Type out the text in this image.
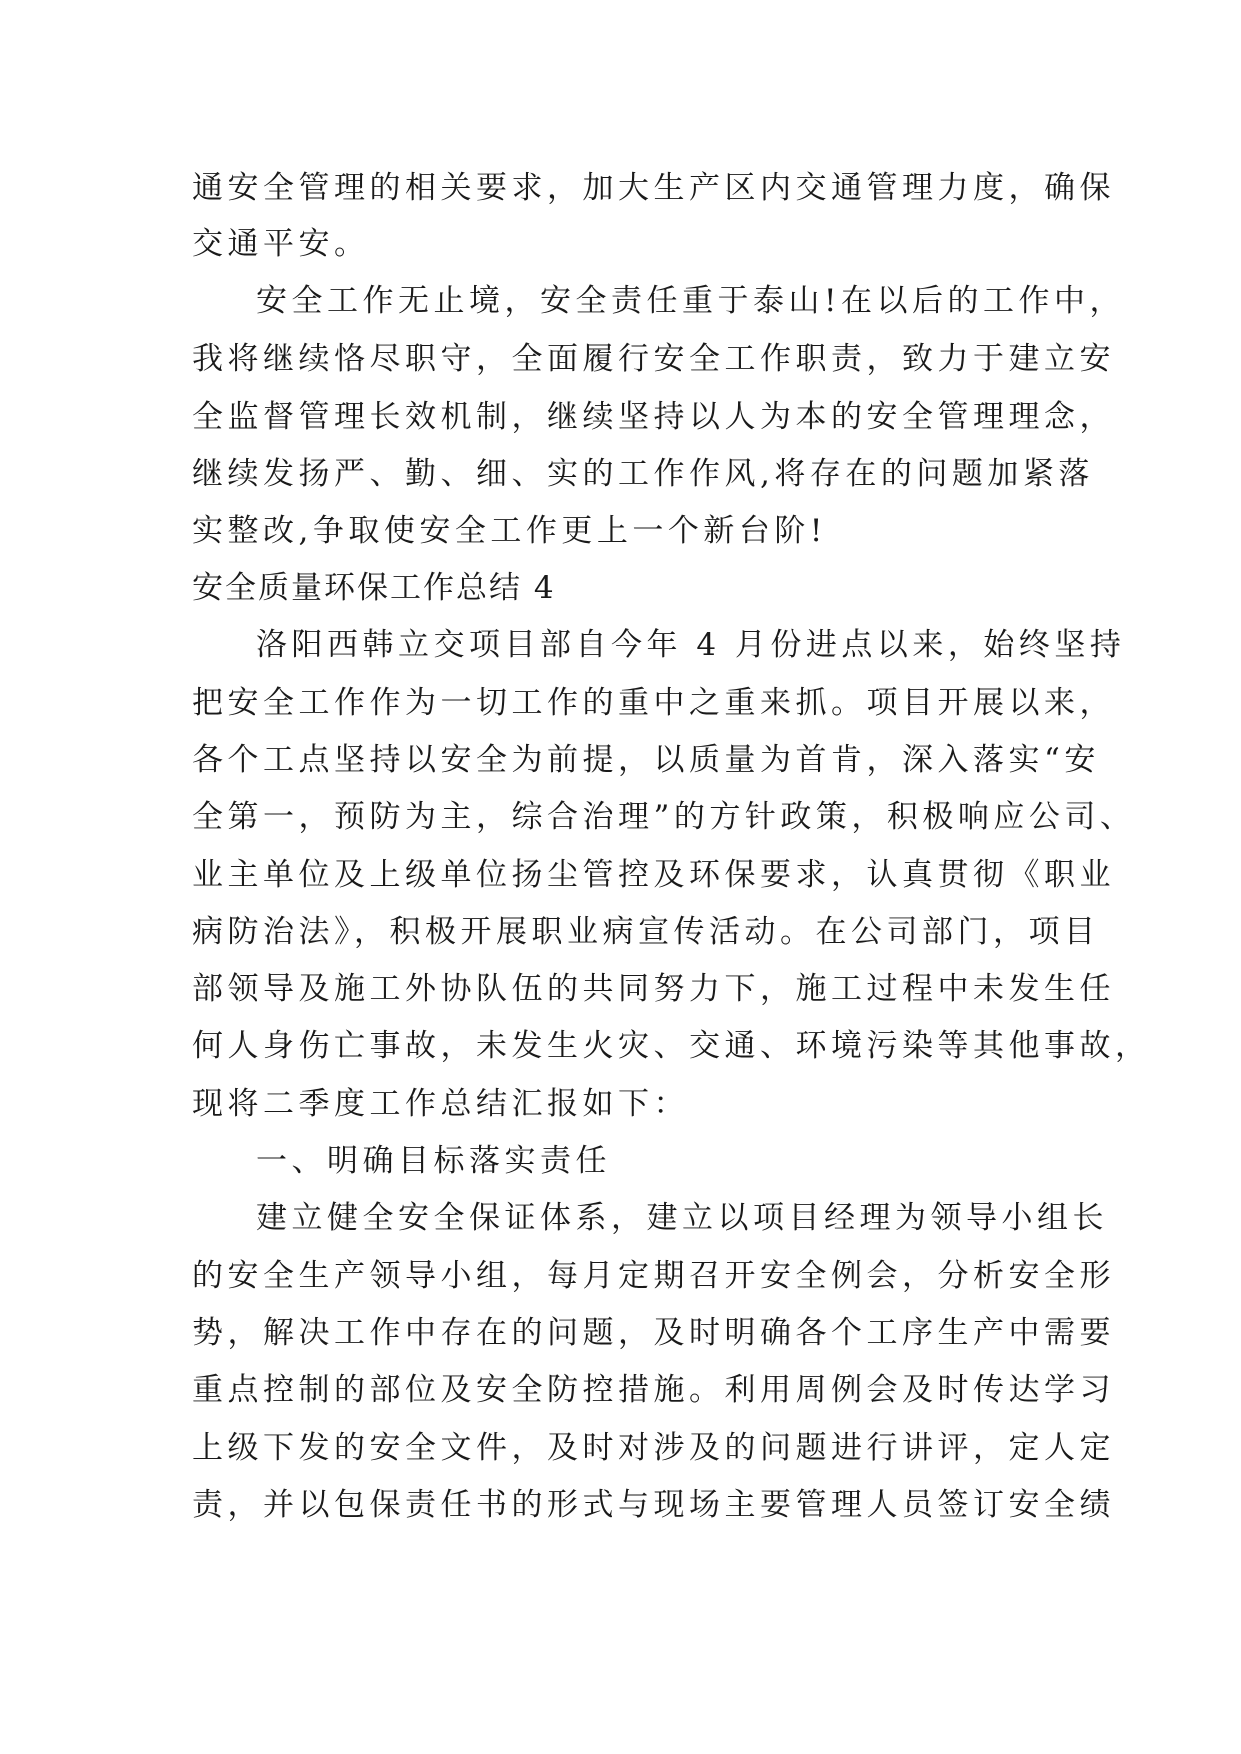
通安全管理的相关要求，加大生产区内交通管理力度，确保
交通平安。
安全工作无止境，安全责任重于泰山!在以后的工作中，
我将继续恪尽职守，全面履行安全工作职责，致力于建立安
全监督管理长效机制，继续坚持以人为本的安全管理理念，
继续发扬严、勤、细、实的工作作风,将存在的问题加紧落
实整改,争取使安全工作更上一个新台阶!
安全质量环保工作总结 4
洛阳西韩立交项目部自今年 4 月份进点以来，始终坚持
把安全工作作为一切工作的重中之重来抓。项目开展以来，
各个工点坚持以安全为前提，以质量为首肯，深入落实“安
全第一，预防为主，综合治理”的方针政策，积极响应公司、
业主单位及上级单位扬尘管控及环保要求，认真贯彻《职业
病防治法》，积极开展职业病宣传活动。在公司部门，项目
部领导及施工外协队伍的共同努力下，施工过程中未发生任
何人身伤亡事故，未发生火灾、交通、环境污染等其他事故，
现将二季度工作总结汇报如下：
一、明确目标落实责任
建立健全安全保证体系，建立以项目经理为领导小组长
的安全生产领导小组，每月定期召开安全例会，分析安全形
势，解决工作中存在的问题，及时明确各个工序生产中需要
重点控制的部位及安全防控措施。利用周例会及时传达学习
上级下发的安全文件，及时对涉及的问题进行讲评，定人定
责，并以包保责任书的形式与现场主要管理人员签订安全绩
